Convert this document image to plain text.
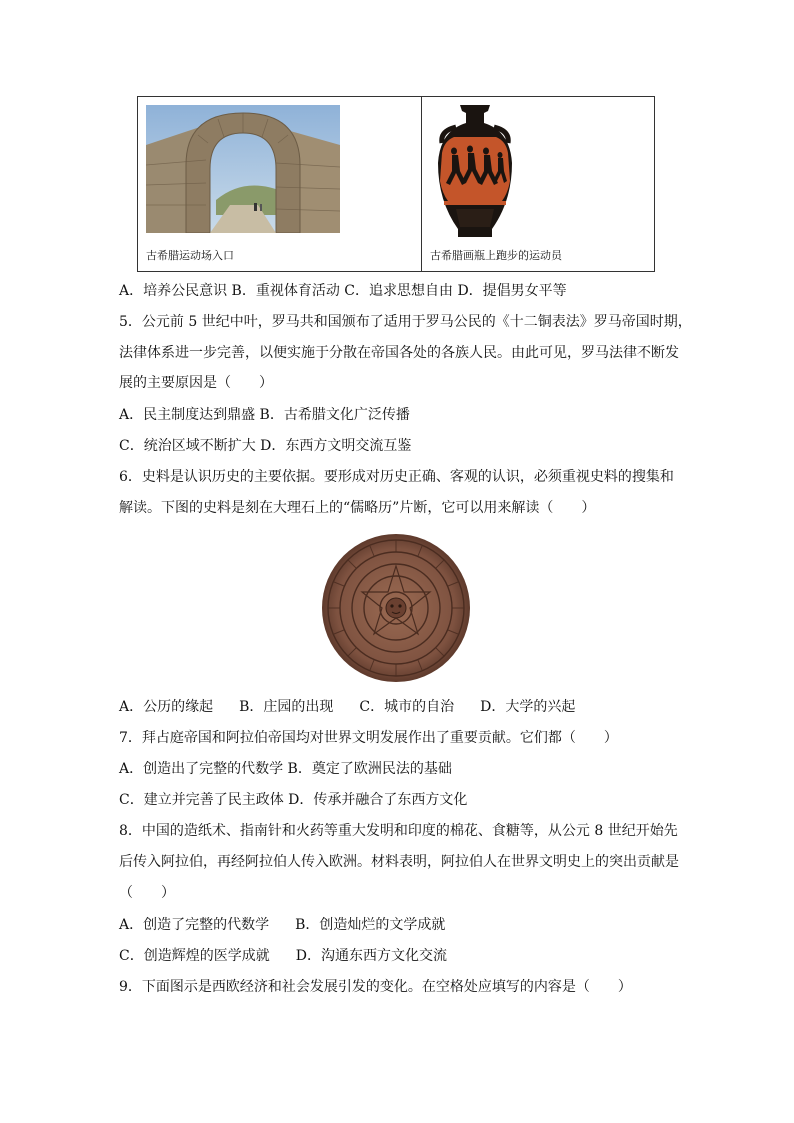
古希腊运动场入口	古希腊画瓶上跑步的运动员
A．培养公民意识 B．重视体育活动 C．追求思想自由 D．提倡男女平等
5．公元前 5 世纪中叶，罗马共和国颁布了适用于罗马公民的《十二铜表法》罗马帝国时期，
法律体系进一步完善，以便实施于分散在帝国各处的各族人民。由此可见，罗马法律不断发
展的主要原因是（　　）
A．民主制度达到鼎盛 B．古希腊文化广泛传播
C．统治区域不断扩大 D．东西方文明交流互鉴
6．史料是认识历史的主要依据。要形成对历史正确、客观的认识，必须重视史料的搜集和
解读。下图的史料是刻在大理石上的“儒略历”片断，它可以用来解读（　　）
A．公历的缘起 B．庄园的出现 C．城市的自治 D．大学的兴起
7．拜占庭帝国和阿拉伯帝国均对世界文明发展作出了重要贡献。它们都（　　）
A．创造出了完整的代数学 B．奠定了欧洲民法的基础
C．建立并完善了民主政体 D．传承并融合了东西方文化
8．中国的造纸术、指南针和火药等重大发明和印度的棉花、食糖等，从公元 8 世纪开始先
后传入阿拉伯，再经阿拉伯人传入欧洲。材料表明，阿拉伯人在世界文明史上的突出贡献是
（　　）
A．创造了完整的代数学 B．创造灿烂的文学成就
C．创造辉煌的医学成就 D．沟通东西方文化交流
9．下面图示是西欧经济和社会发展引发的变化。在空格处应填写的内容是（　　）
